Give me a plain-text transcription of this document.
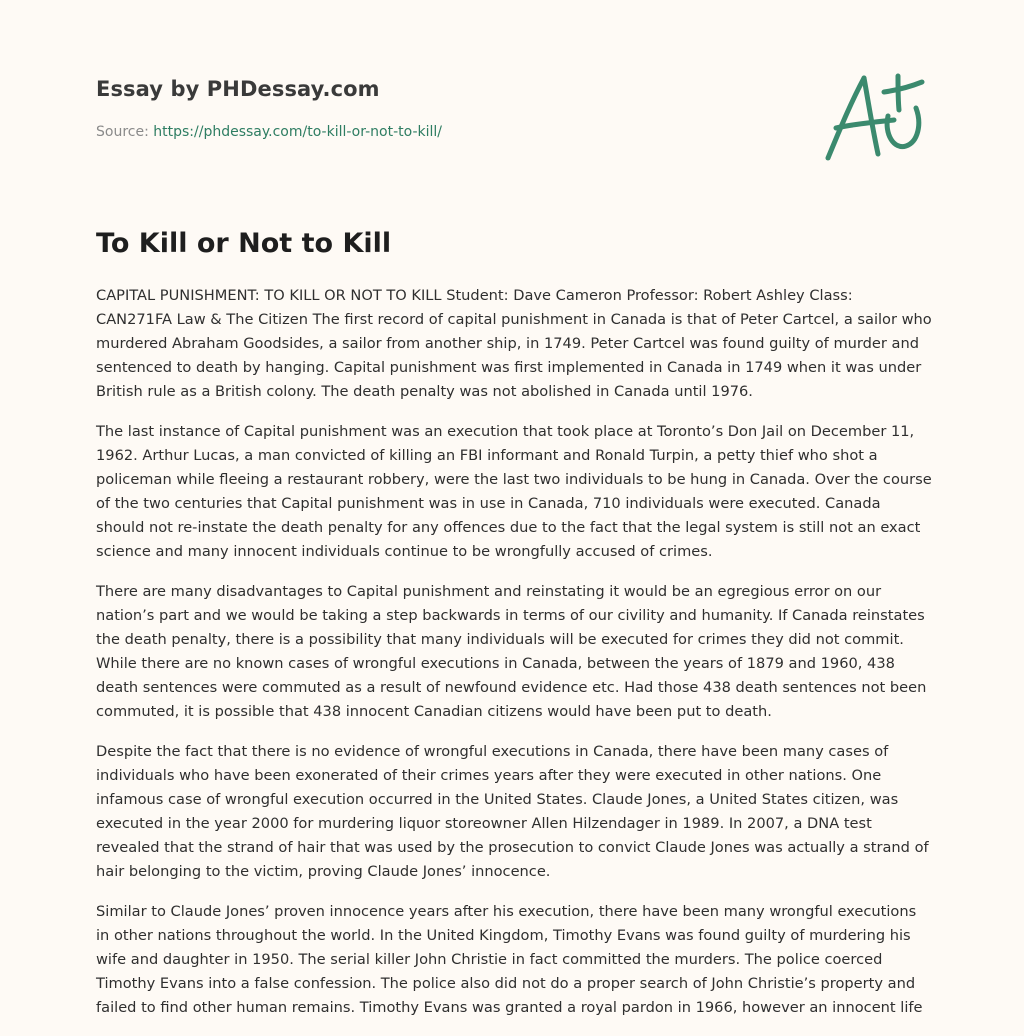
Essay by PHDessay.com
Source: https://phdessay.com/to-kill-or-not-to-kill/
To Kill or Not to Kill

CAPITAL PUNISHMENT: TO KILL OR NOT TO KILL Student: Dave Cameron Professor: Robert Ashley Class: CAN271FA Law & The Citizen The first record of capital punishment in Canada is that of Peter Cartcel, a sailor who murdered Abraham Goodsides, a sailor from another ship, in 1749. Peter Cartcel was found guilty of murder and sentenced to death by hanging. Capital punishment was first implemented in Canada in 1749 when it was under British rule as a British colony. The death penalty was not abolished in Canada until 1976.

The last instance of Capital punishment was an execution that took place at Toronto’s Don Jail on December 11, 1962. Arthur Lucas, a man convicted of killing an FBI informant and Ronald Turpin, a petty thief who shot a policeman while fleeing a restaurant robbery, were the last two individuals to be hung in Canada. Over the course of the two centuries that Capital punishment was in use in Canada, 710 individuals were executed. Canada should not re-instate the death penalty for any offences due to the fact that the legal system is still not an exact science and many innocent individuals continue to be wrongfully accused of crimes.

There are many disadvantages to Capital punishment and reinstating it would be an egregious error on our nation’s part and we would be taking a step backwards in terms of our civility and humanity. If Canada reinstates the death penalty, there is a possibility that many individuals will be executed for crimes they did not commit. While there are no known cases of wrongful executions in Canada, between the years of 1879 and 1960, 438 death sentences were commuted as a result of newfound evidence etc. Had those 438 death sentences not been commuted, it is possible that 438 innocent Canadian citizens would have been put to death.

Despite the fact that there is no evidence of wrongful executions in Canada, there have been many cases of individuals who have been exonerated of their crimes years after they were executed in other nations. One infamous case of wrongful execution occurred in the United States. Claude Jones, a United States citizen, was executed in the year 2000 for murdering liquor storeowner Allen Hilzendager in 1989. In 2007, a DNA test revealed that the strand of hair that was used by the prosecution to convict Claude Jones was actually a strand of hair belonging to the victim, proving Claude Jones’ innocence.

Similar to Claude Jones’ proven innocence years after his execution, there have been many wrongful executions in other nations throughout the world. In the United Kingdom, Timothy Evans was found guilty of murdering his wife and daughter in 1950. The serial killer John Christie in fact committed the murders. The police coerced Timothy Evans into a false confession. The police also did not do a proper search of John Christie’s property and failed to find other human remains. Timothy Evans was granted a royal pardon in 1966, however an innocent life
